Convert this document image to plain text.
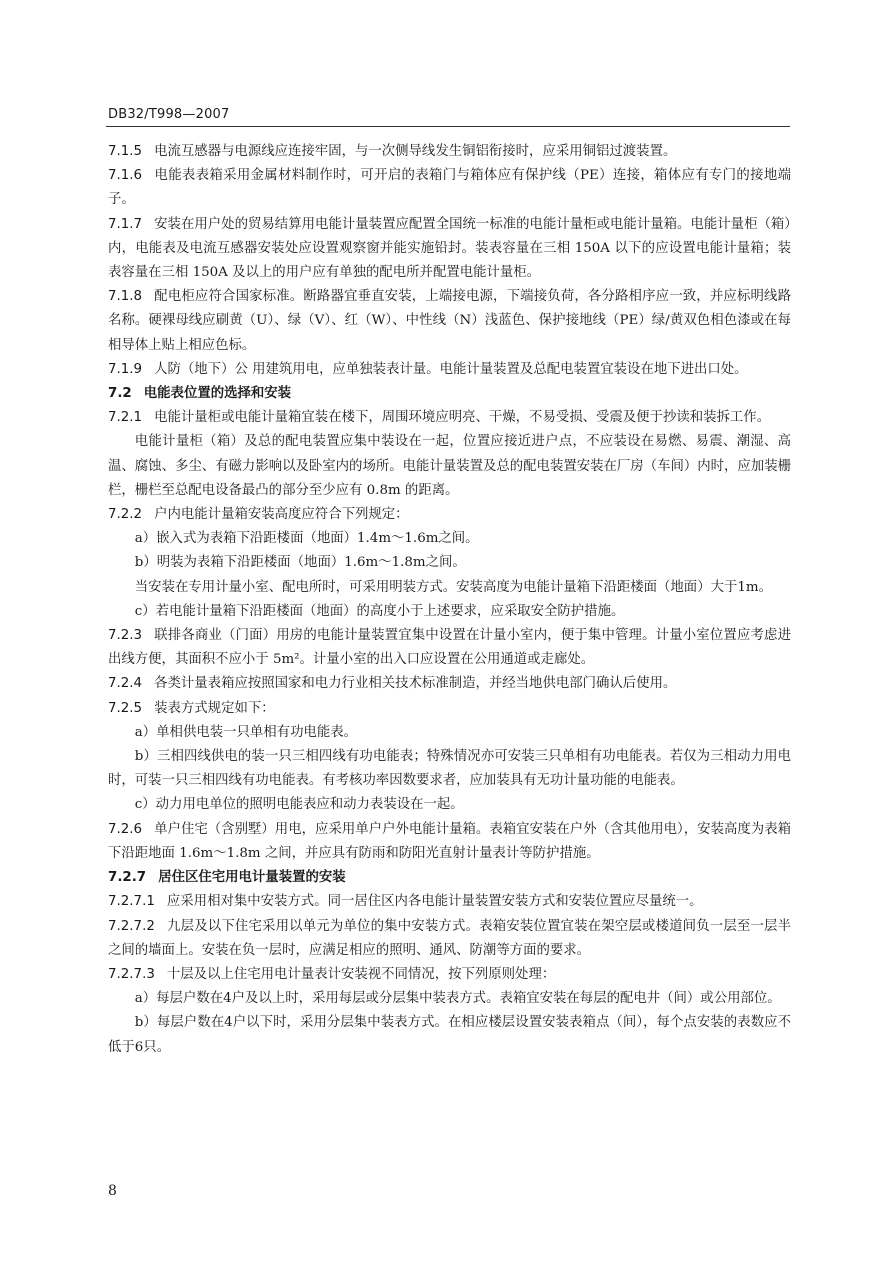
DB32/T998—2007

7.1.5 电流互感器与电源线应连接牢固，与一次侧导线发生铜铝衔接时，应采用铜铝过渡装置。

7.1.6 电能表表箱采用金属材料制作时，可开启的表箱门与箱体应有保护线（PE）连接，箱体应有专门的接地端子。

7.1.7 安装在用户处的贸易结算用电能计量装置应配置全国统一标准的电能计量柜或电能计量箱。电能计量柜（箱）内，电能表及电流互感器安装处应设置观察窗并能实施铅封。装表容量在三相 150A 以下的应设置电能计量箱；装表容量在三相 150A 及以上的用户应有单独的配电所并配置电能计量柜。

7.1.8 配电柜应符合国家标准。断路器宜垂直安装，上端接电源，下端接负荷，各分路相序应一致，并应标明线路名称。硬裸母线应刷黄（U）、绿（V）、红（W）、中性线（N）浅蓝色、保护接地线（PE）绿/黄双色相色漆或在每相导体上贴上相应色标。

7.1.9 人防（地下）公 用建筑用电，应单独装表计量。电能计量装置及总配电装置宜装设在地下进出口处。

7.2 电能表位置的选择和安装

7.2.1 电能计量柜或电能计量箱宜装在楼下，周围环境应明亮、干燥，不易受损、受震及便于抄读和装拆工作。

电能计量柜（箱）及总的配电装置应集中装设在一起，位置应接近进户点，不应装设在易燃、易震、潮湿、高温、腐蚀、多尘、有磁力影响以及卧室内的场所。电能计量装置及总的配电装置安装在厂房（车间）内时，应加装栅栏，栅栏至总配电设备最凸的部分至少应有 0.8m 的距离。

7.2.2 户内电能计量箱安装高度应符合下列规定：

a）嵌入式为表箱下沿距楼面（地面）1.4m～1.6m之间。

b）明装为表箱下沿距楼面（地面）1.6m～1.8m之间。

当安装在专用计量小室、配电所时，可采用明装方式。安装高度为电能计量箱下沿距楼面（地面）大于1m。

c）若电能计量箱下沿距楼面（地面）的高度小于上述要求，应采取安全防护措施。

7.2.3 联排各商业（门面）用房的电能计量装置宜集中设置在计量小室内，便于集中管理。计量小室位置应考虑进出线方便，其面积不应小于 5m²。计量小室的出入口应设置在公用通道或走廊处。

7.2.4 各类计量表箱应按照国家和电力行业相关技术标准制造，并经当地供电部门确认后使用。

7.2.5 装表方式规定如下：

a）单相供电装一只单相有功电能表。

b）三相四线供电的装一只三相四线有功电能表；特殊情况亦可安装三只单相有功电能表。若仅为三相动力用电时，可装一只三相四线有功电能表。有考核功率因数要求者，应加装具有无功计量功能的电能表。

c）动力用电单位的照明电能表应和动力表装设在一起。

7.2.6 单户住宅（含别墅）用电，应采用单户户外电能计量箱。表箱宜安装在户外（含其他用电），安装高度为表箱下沿距地面 1.6m～1.8m 之间，并应具有防雨和防阳光直射计量表计等防护措施。

7.2.7 居住区住宅用电计量装置的安装

7.2.7.1 应采用相对集中安装方式。同一居住区内各电能计量装置安装方式和安装位置应尽量统一。

7.2.7.2 九层及以下住宅采用以单元为单位的集中安装方式。表箱安装位置宜装在架空层或楼道间负一层至一层半之间的墙面上。安装在负一层时，应满足相应的照明、通风、防潮等方面的要求。

7.2.7.3 十层及以上住宅用电计量表计安装视不同情况，按下列原则处理：

a）每层户数在4户及以上时，采用每层或分层集中装表方式。表箱宜安装在每层的配电井（间）或公用部位。

b）每层户数在4户以下时，采用分层集中装表方式。在相应楼层设置安装表箱点（间），每个点安装的表数应不低于6只。

8
